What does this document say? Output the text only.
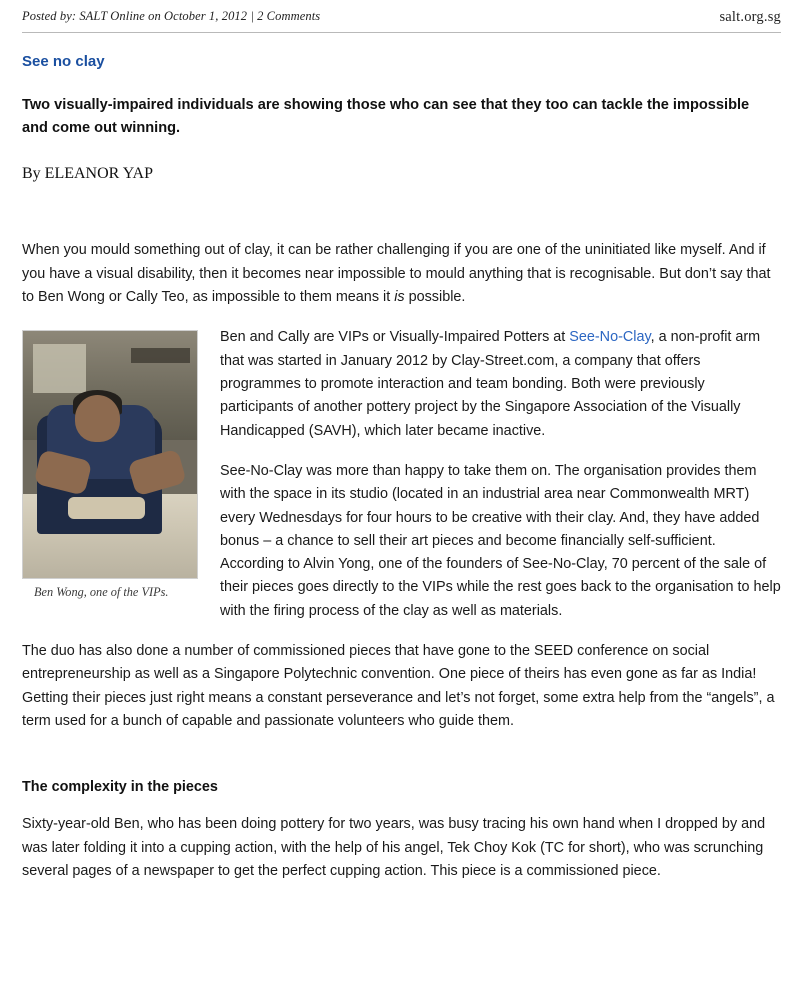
Posted by: SALT Online on October 1, 2012 | 2 Comments	salt.org.sg
See no clay

Two visually-impaired individuals are showing those who can see that they too can tackle the impossible and come out winning.

By ELEANOR YAP

When you mould something out of clay, it can be rather challenging if you are one of the uninitiated like myself. And if you have a visual disability, then it becomes near impossible to mould anything that is recognisable. But don’t say that to Ben Wong or Cally Teo, as impossible to them means it is possible.

Ben Wong, one of the VIPs.

Ben and Cally are VIPs or Visually-Impaired Potters at See-No-Clay, a non-profit arm that was started in January 2012 by Clay-Street.com, a company that offers programmes to promote interaction and team bonding. Both were previously participants of another pottery project by the Singapore Association of the Visually Handicapped (SAVH), which later became inactive.

See-No-Clay was more than happy to take them on. The organisation provides them with the space in its studio (located in an industrial area near Commonwealth MRT) every Wednesdays for four hours to be creative with their clay. And, they have added bonus – a chance to sell their art pieces and become financially self-sufficient. According to Alvin Yong, one of the founders of See-No-Clay, 70 percent of the sale of their pieces goes directly to the VIPs while the rest goes back to the organisation to help with the firing process of the clay as well as materials.

The duo has also done a number of commissioned pieces that have gone to the SEED conference on social entrepreneurship as well as a Singapore Polytechnic convention. One piece of theirs has even gone as far as India! Getting their pieces just right means a constant perseverance and let’s not forget, some extra help from the “angels”, a term used for a bunch of capable and passionate volunteers who guide them.

The complexity in the pieces

Sixty-year-old Ben, who has been doing pottery for two years, was busy tracing his own hand when I dropped by and was later folding it into a cupping action, with the help of his angel, Tek Choy Kok (TC for short), who was scrunching several pages of a newspaper to get the perfect cupping action. This piece is a commissioned piece.
